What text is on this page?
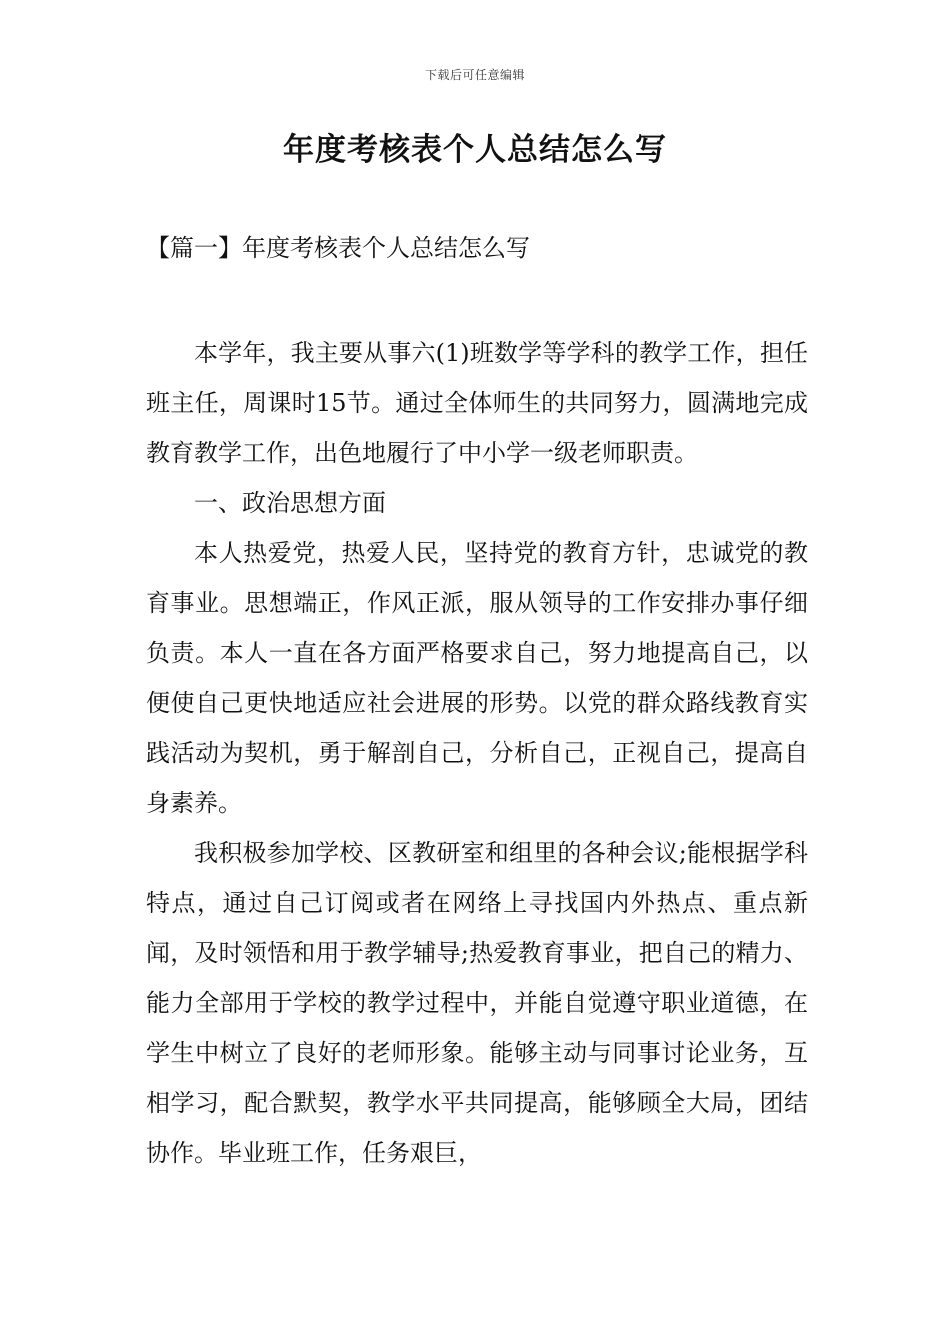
下载后可任意编辑
年度考核表个人总结怎么写
【篇一】年度考核表个人总结怎么写

本学年，我主要从事六(1)班数学等学科的教学工作，担任班主任，周课时15节。通过全体师生的共同努力，圆满地完成教育教学工作，出色地履行了中小学一级老师职责。

一、政治思想方面

本人热爱党，热爱人民，坚持党的教育方针，忠诚党的教育事业。思想端正，作风正派，服从领导的工作安排办事仔细负责。本人一直在各方面严格要求自己，努力地提高自己，以便使自己更快地适应社会进展的形势。以党的群众路线教育实践活动为契机，勇于解剖自己，分析自己，正视自己，提高自身素养。

我积极参加学校、区教研室和组里的各种会议;能根据学科特点，通过自己订阅或者在网络上寻找国内外热点、重点新闻，及时领悟和用于教学辅导;热爱教育事业，把自己的精力、能力全部用于学校的教学过程中，并能自觉遵守职业道德，在学生中树立了良好的老师形象。能够主动与同事讨论业务，互相学习，配合默契，教学水平共同提高，能够顾全大局，团结协作。毕业班工作，任务艰巨，
